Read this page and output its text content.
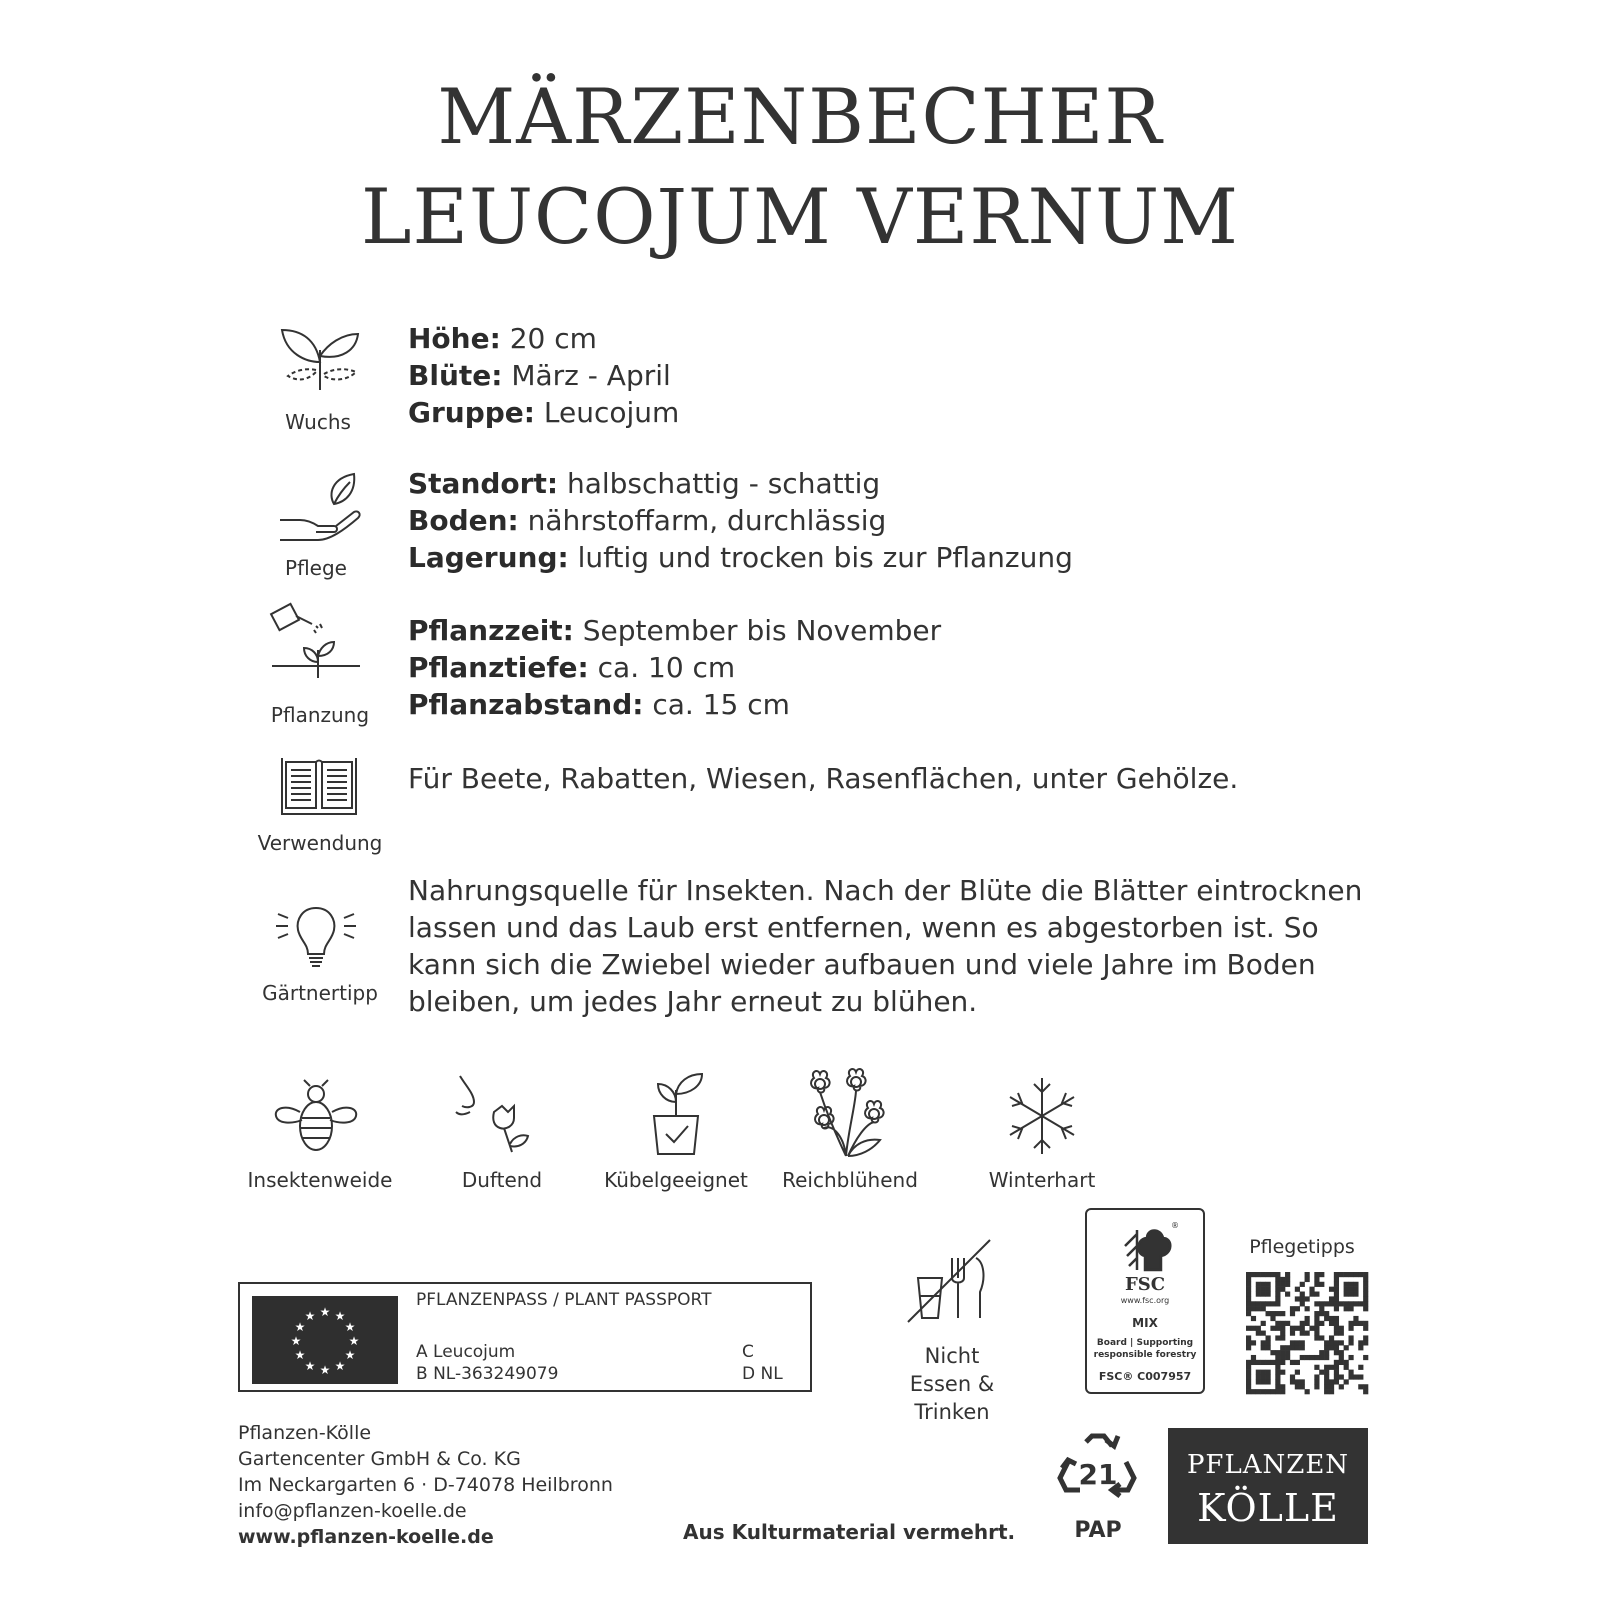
MÄRZENBECHER
LEUCOJUM VERNUM
Wuchs
Höhe: 20 cm
Blüte: März - April
Gruppe: Leucojum
Pflege
Standort: halbschattig - schattig
Boden: nährstoffarm, durchlässig
Lagerung: luftig und trocken bis zur Pflanzung
Pflanzung
Pflanzzeit: September bis November
Pflanztiefe: ca. 10 cm
Pflanzabstand: ca. 15 cm
Verwendung
Für Beete, Rabatten, Wiesen, Rasenflächen, unter Gehölze.
Gärtnertipp
Nahrungsquelle für Insekten. Nach der Blüte die Blätter eintrocknen
lassen und das Laub erst entfernen, wenn es abgestorben ist. So
kann sich die Zwiebel wieder aufbauen und viele Jahre im Boden
bleiben, um jedes Jahr erneut zu blühen.
Insektenweide	Duftend	Kübelgeeignet	Reichblühend	Winterhart
★ ★
★
★
★
★
★
★
★
★
★
★
PFLANZENPASS / PLANT PASSPORT
A Leucojum
B NL-363249079
C
D NL
Nicht
Essen & Trinken
®
FSC
www.fsc.org
MIX
Board | Supporting
responsible forestry
FSC® C007957
Pflegetipps
Pflanzen-Kölle
Gartencenter GmbH & Co. KG
Im Neckargarten 6 · D-74078 Heilbronn
info@pflanzen-koelle.de
www.pflanzen-koelle.de	Aus Kulturmaterial vermehrt.
21
PAP
PFLANZEN
KÖLLE
